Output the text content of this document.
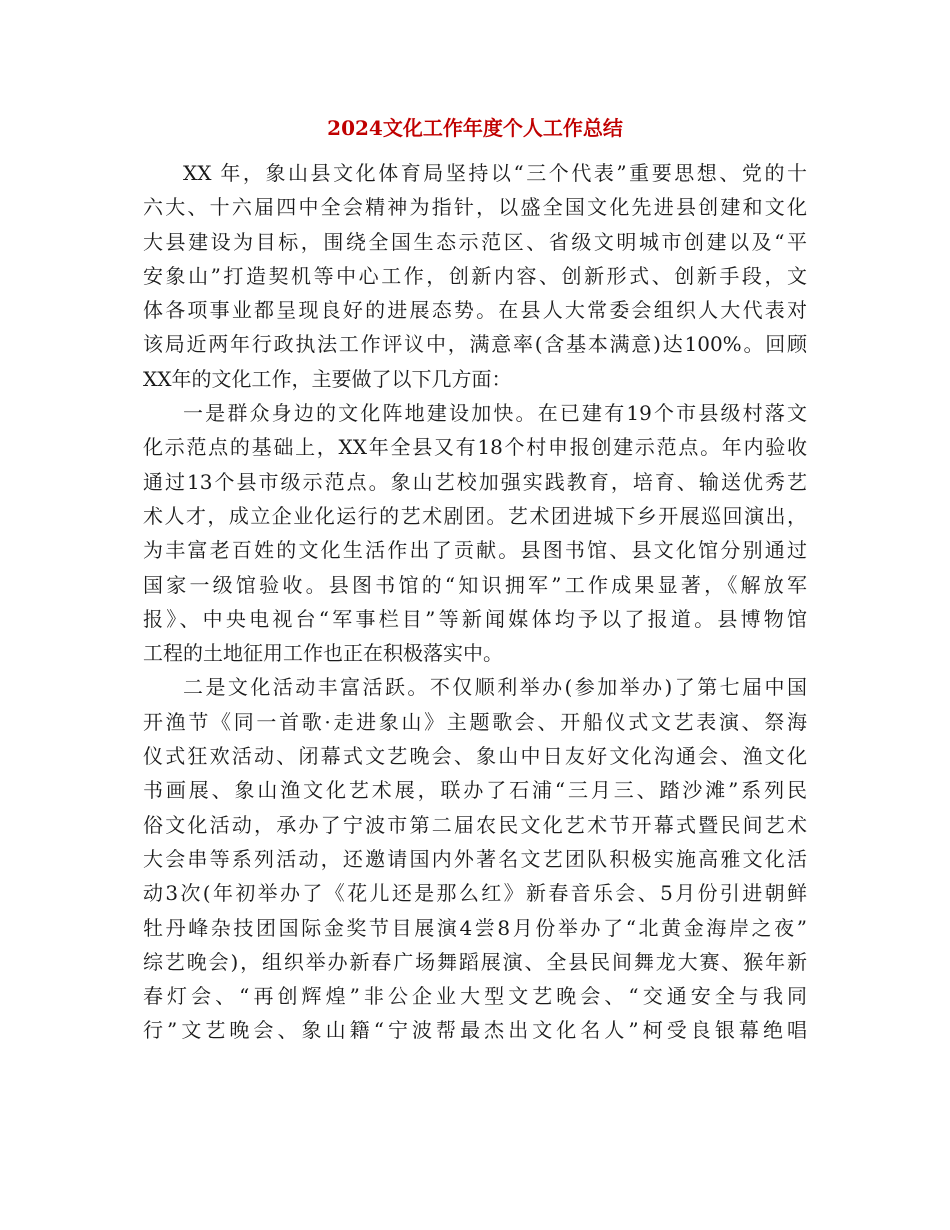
2024文化工作年度个人工作总结
XX 年，象山县文化体育局坚持以“三个代表”重要思想、党的十
六大、十六届四中全会精神为指针，以盛全国文化先进县创建和文化
大县建设为目标，围绕全国生态示范区、省级文明城市创建以及“平
安象山”打造契机等中心工作，创新内容、创新形式、创新手段，文
体各项事业都呈现良好的进展态势。在县人大常委会组织人大代表对
该局近两年行政执法工作评议中，满意率(含基本满意)达100%。回顾
XX年的文化工作，主要做了以下几方面：
一是群众身边的文化阵地建设加快。在已建有19个市县级村落文
化示范点的基础上，XX年全县又有18个村申报创建示范点。年内验收
通过13个县市级示范点。象山艺校加强实践教育，培育、输送优秀艺
术人才，成立企业化运行的艺术剧团。艺术团进城下乡开展巡回演出，
为丰富老百姓的文化生活作出了贡献。县图书馆、县文化馆分别通过
国家一级馆验收。县图书馆的“知识拥军”工作成果显著，《解放军
报》、中央电视台“军事栏目”等新闻媒体均予以了报道。县博物馆
工程的土地征用工作也正在积极落实中。
二是文化活动丰富活跃。不仅顺利举办(参加举办)了第七届中国
开渔节《同一首歌·走进象山》主题歌会、开船仪式文艺表演、祭海
仪式狂欢活动、闭幕式文艺晚会、象山中日友好文化沟通会、渔文化
书画展、象山渔文化艺术展，联办了石浦“三月三、踏沙滩”系列民
俗文化活动，承办了宁波市第二届农民文化艺术节开幕式暨民间艺术
大会串等系列活动，还邀请国内外著名文艺团队积极实施高雅文化活
动3次(年初举办了《花儿还是那么红》新春音乐会、5月份引进朝鲜
牡丹峰杂技团国际金奖节目展演4尝8月份举办了“北黄金海岸之夜”
综艺晚会)，组织举办新春广场舞蹈展演、全县民间舞龙大赛、猴年新
春灯会、“再创辉煌”非公企业大型文艺晚会、“交通安全与我同
行”文艺晚会、象山籍“宁波帮最杰出文化名人”柯受良银幕绝唱
